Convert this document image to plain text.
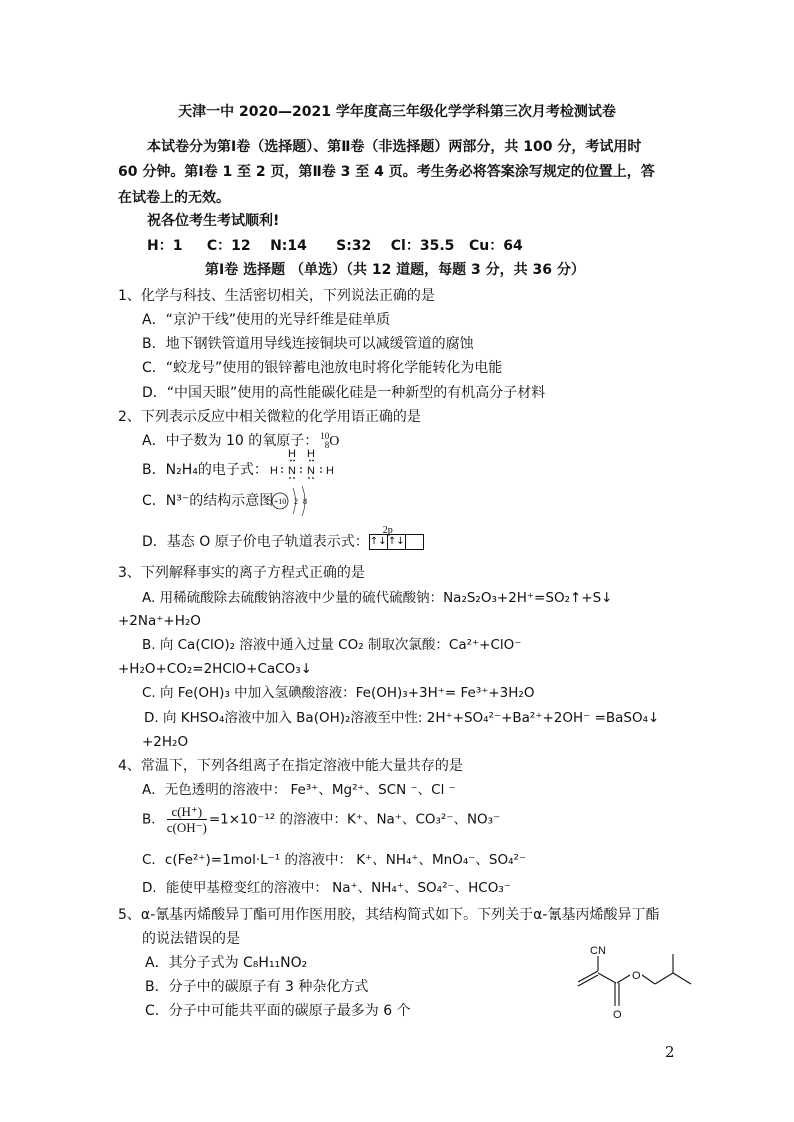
天津一中 2020—2021 学年度高三年级化学学科第三次月考检测试卷
本试卷分为第Ⅰ卷（选择题）、第Ⅱ卷（非选择题）两部分，共 100 分，考试用时
60 分钟。第Ⅰ卷 1 至 2 页，第Ⅱ卷 3 至 4 页。考生务必将答案涂写规定的位置上，答
在试卷上的无效。
祝各位考生考试顺利!
H：1     C：12    N:14      S:32    Cl：35.5   Cu：64
第Ⅰ卷 选择题 （单选）（共 12 道题，每题 3 分，共 36 分）
1、化学与科技、生活密切相关，下列说法正确的是
A．“京沪干线”使用的光导纤维是硅单质
B．地下钢铁管道用导线连接铜块可以减缓管道的腐蚀
C．“蛟龙号”使用的银锌蓄电池放电时将化学能转化为电能
D．“中国天眼”使用的高性能碳化硅是一种新型的有机高分子材料
2、下列表示反应中相关微粒的化学用语正确的是
A．中子数为 10 的氧原子： 10
8O
B．N₂H₄的电子式：
H H
H N N H
C．N³⁻的结构示意图 +10 2 8
D．基态 O 原子价电子轨道表示式：
2p
↑↓ ↑↓
3、下列解释事实的离子方程式正确的是
A. 用稀硫酸除去硫酸钠溶液中少量的硫代硫酸钠：Na₂S₂O₃+2H⁺=SO₂↑+S↓
+2Na⁺+H₂O
B. 向 Ca(ClO)₂ 溶液中通入过量 CO₂ 制取次氯酸：Ca²⁺+ClO⁻
+H₂O+CO₂=2HClO+CaCO₃↓
C. 向 Fe(OH)₃ 中加入氢碘酸溶液：Fe(OH)₃+3H⁺= Fe³⁺+3H₂O
D. 向 KHSO₄溶液中加入 Ba(OH)₂溶液至中性: 2H⁺+SO₄²⁻+Ba²⁺+2OH⁻ =BaSO₄↓
+2H₂O
4、常温下，下列各组离子在指定溶液中能大量共存的是
A．无色透明的溶液中： Fe³⁺、Mg²⁺、SCN ⁻、Cl ⁻
B． $\frac{c(H^+)}{c(OH^-)} =1\times 10^{-12}$ 的溶液中：K⁺、Na⁺、CO₃²⁻、NO₃⁻
C．c(Fe²⁺)=1mol·L⁻¹ 的溶液中： K⁺、NH₄⁺、MnO₄⁻、SO₄²⁻
D．能使甲基橙变红的溶液中： Na⁺、NH₄⁺、SO₄²⁻、HCO₃⁻
5、α-氰基丙烯酸异丁酯可用作医用胶，其结构简式如下。下列关于α-氰基丙烯酸异丁酯
的说法错误的是
A．其分子式为 C₈H₁₁NO₂
B．分子中的碳原子有 3 种杂化方式
C．分子中可能共平面的碳原子最多为 6 个
CN
O
O
2
